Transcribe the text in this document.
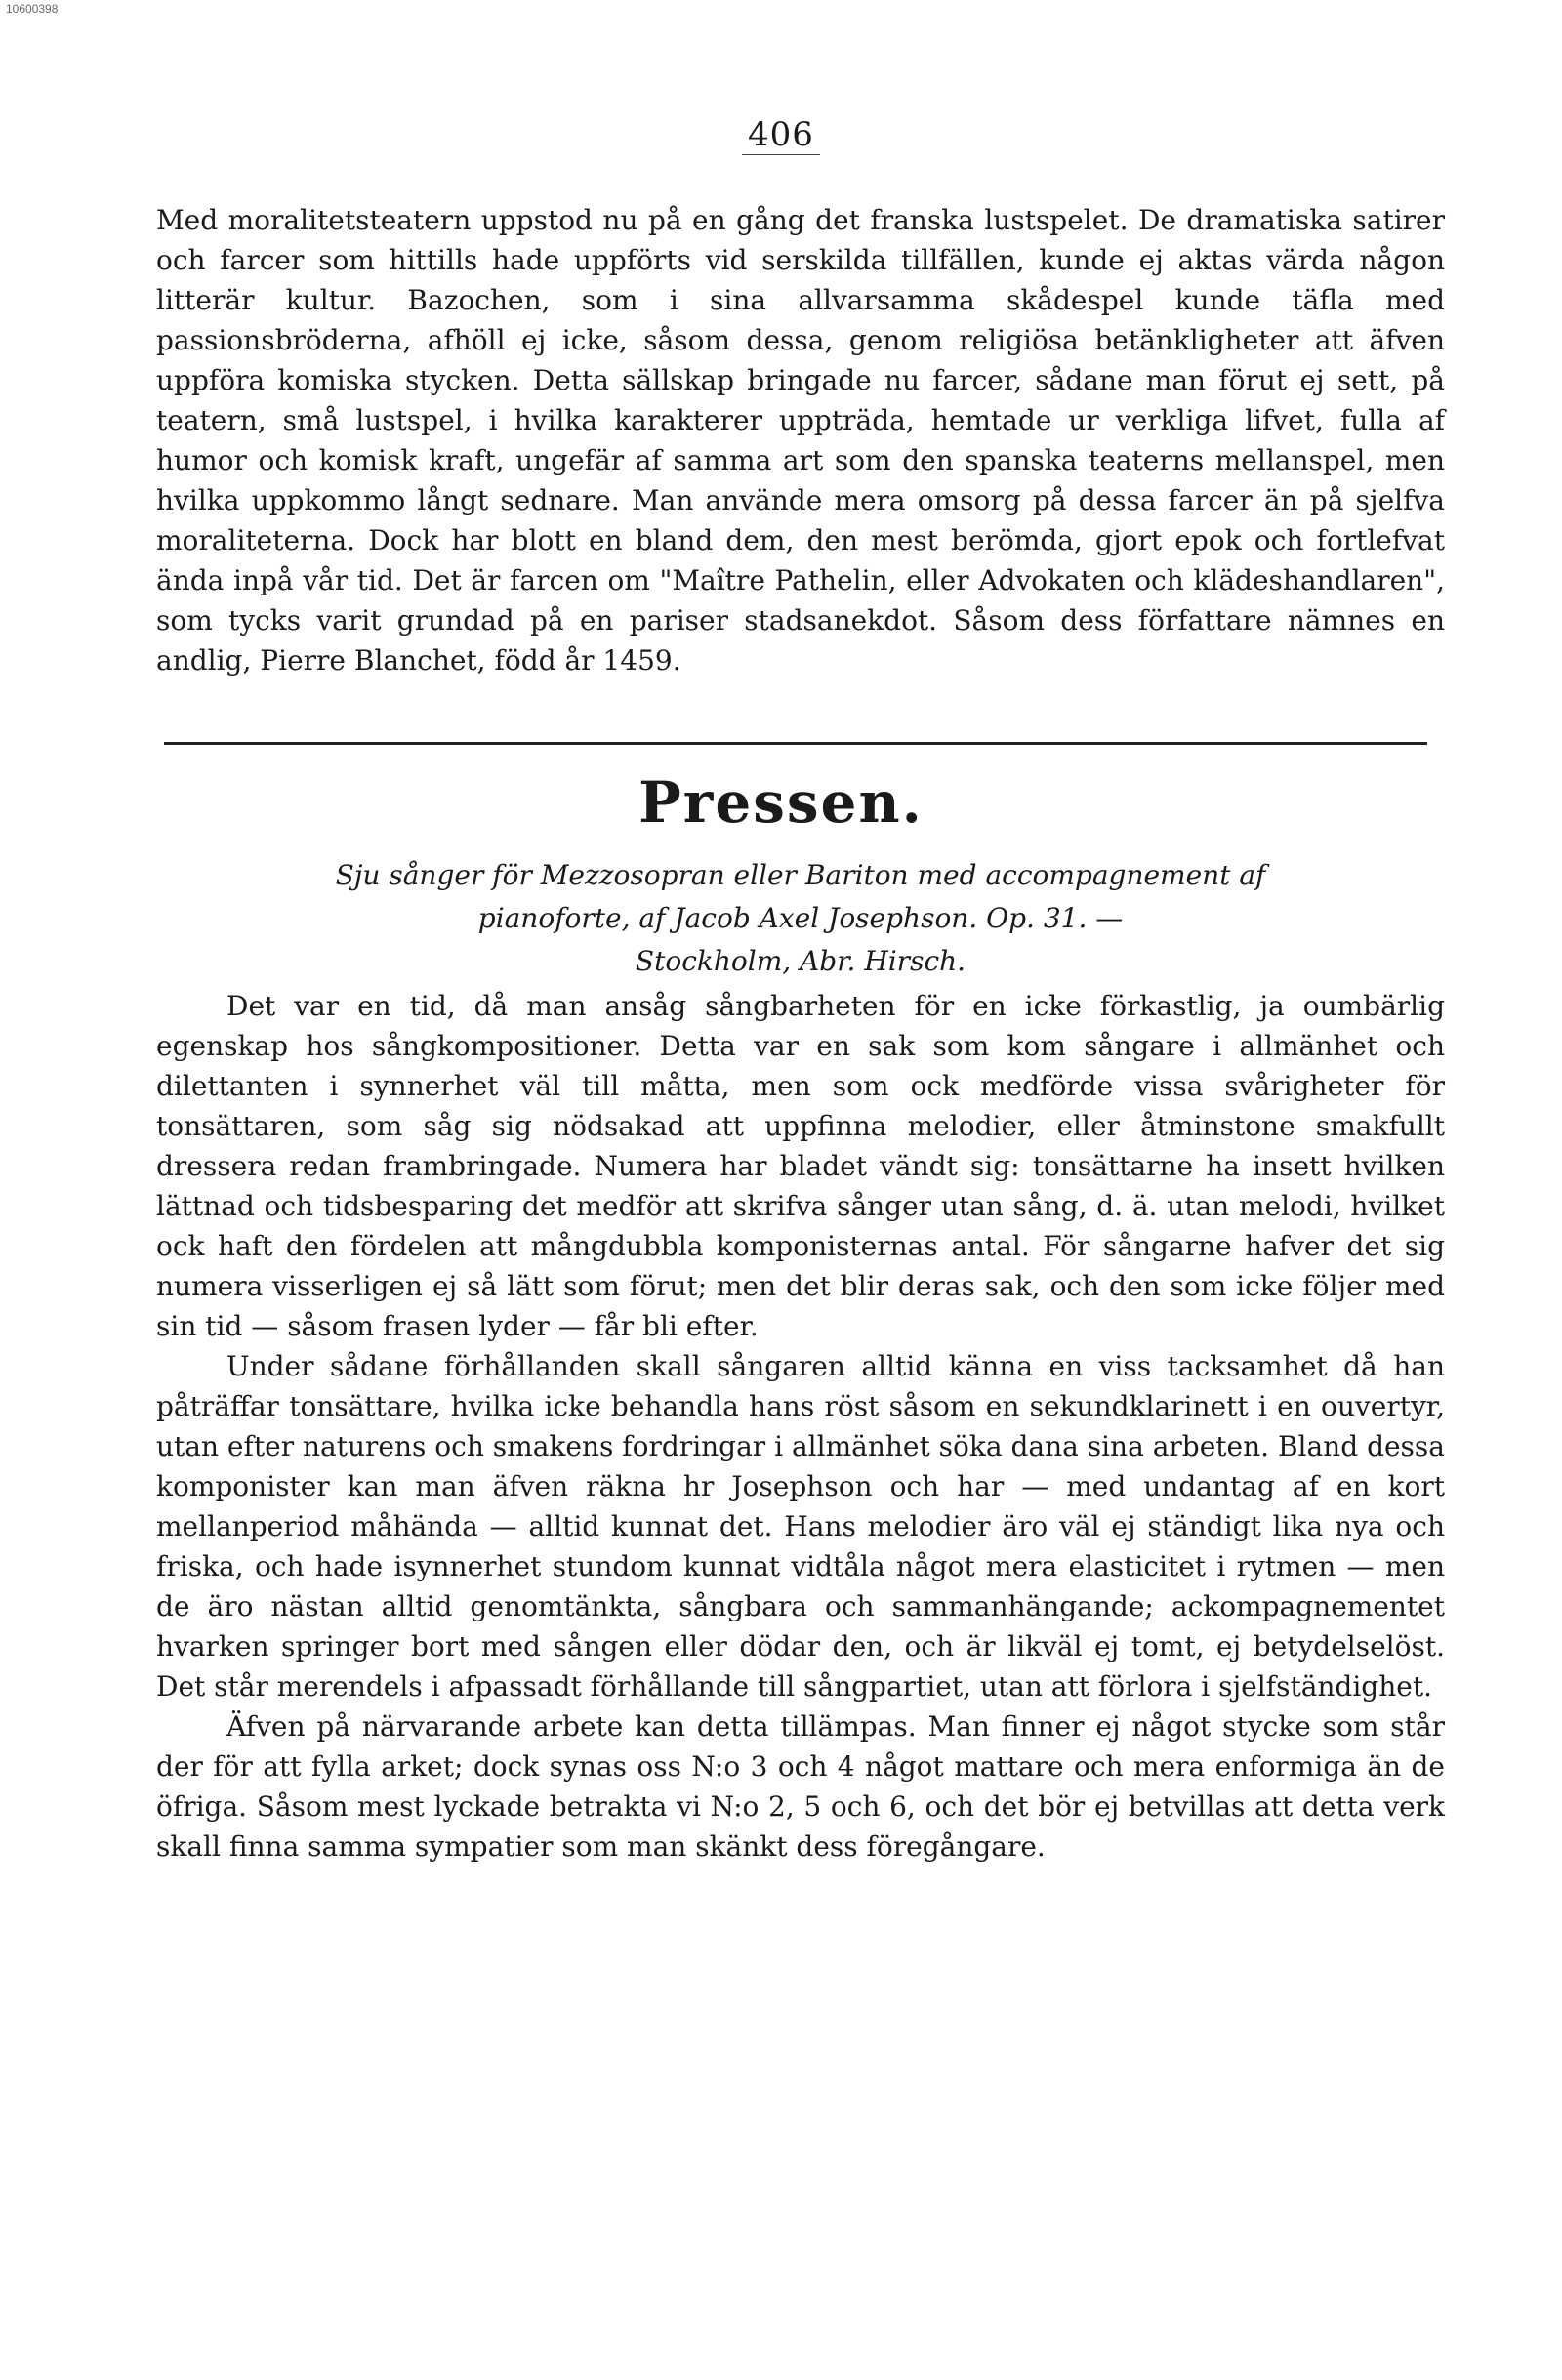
10600398
406

Med moralitetsteatern uppstod nu på en gång det franska lustspelet. De dramatiska satirer och farcer som hittills hade uppförts vid serskilda tillfällen, kunde ej aktas värda någon litterär kultur. Bazochen, som i sina allvarsamma skådespel kunde täfla med passionsbröderna, afhöll ej icke, såsom dessa, genom religiösa betänkligheter att äfven uppföra komiska stycken. Detta sällskap bringade nu farcer, sådane man förut ej sett, på teatern, små lustspel, i hvilka karakterer uppträda, hemtade ur verkliga lifvet, fulla af humor och komisk kraft, ungefär af samma art som den spanska teaterns mellanspel, men hvilka uppkommo långt sednare. Man använde mera omsorg på dessa farcer än på sjelfva moraliteterna. Dock har blott en bland dem, den mest berömda, gjort epok och fortlefvat ända inpå vår tid. Det är farcen om "Maître Pathelin, eller Advokaten och klädeshandlaren", som tycks varit grundad på en pariser stadsanekdot. Såsom dess författare nämnes en andlig, Pierre Blanchet, född år 1459.

Pressen.
Sju sånger för Mezzosopran eller Bariton med accompagnement af
pianoforte, af Jacob Axel Josephson. Op. 31. —
Stockholm, Abr. Hirsch.

Det var en tid, då man ansåg sångbarheten för en icke förkastlig, ja oumbärlig egenskap hos sångkompositioner. Detta var en sak som kom sångare i allmänhet och dilettanten i synnerhet väl till måtta, men som ock medförde vissa svårigheter för tonsättaren, som såg sig nödsakad att uppfinna melodier, eller åtminstone smakfullt dressera redan frambringade. Numera har bladet vändt sig: tonsättarne ha insett hvilken lättnad och tidsbesparing det medför att skrifva sånger utan sång, d. ä. utan melodi, hvilket ock haft den fördelen att mångdubbla komponisternas antal. För sångarne hafver det sig numera visserligen ej så lätt som förut; men det blir deras sak, och den som icke följer med sin tid — såsom frasen lyder — får bli efter.

Under sådane förhållanden skall sångaren alltid känna en viss tacksamhet då han påträffar tonsättare, hvilka icke behandla hans röst såsom en sekundklarinett i en ouvertyr, utan efter naturens och smakens fordringar i allmänhet söka dana sina arbeten. Bland dessa komponister kan man äfven räkna hr Josephson och har — med undantag af en kort mellanperiod måhända — alltid kunnat det. Hans melodier äro väl ej ständigt lika nya och friska, och hade isynnerhet stundom kunnat vidtåla något mera elasticitet i rytmen — men de äro nästan alltid genomtänkta, sångbara och sammanhängande; ackompagnementet hvarken springer bort med sången eller dödar den, och är likväl ej tomt, ej betydelselöst. Det står merendels i afpassadt förhållande till sångpartiet, utan att förlora i sjelfständighet.

Äfven på närvarande arbete kan detta tillämpas. Man finner ej något stycke som står der för att fylla arket; dock synas oss N:o 3 och 4 något mattare och mera enformiga än de öfriga. Såsom mest lyckade betrakta vi N:o 2, 5 och 6, och det bör ej betvillas att detta verk skall finna samma sympatier som man skänkt dess föregångare.
